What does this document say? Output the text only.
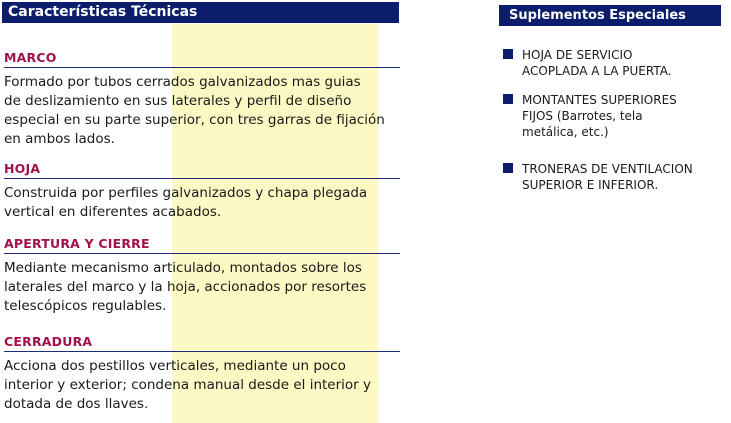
Características Técnicas
MARCO
Formado por tubos cerrados galvanizados mas guias
de deslizamiento en sus laterales y perfil de diseño
especial en su parte superior, con tres garras de fijación
en ambos lados.
HOJA
Construida por perfiles galvanizados y chapa plegada
vertical en diferentes acabados.
APERTURA Y CIERRE
Mediante mecanismo articulado, montados sobre los
laterales del marco y la hoja, accionados por resortes
telescópicos regulables.
CERRADURA
Acciona dos pestillos verticales, mediante un poco
interior y exterior; condena manual desde el interior y
dotada de dos llaves.
Suplementos Especiales
HOJA DE SERVICIO
ACOPLADA A LA PUERTA.
MONTANTES SUPERIORES
FIJOS (Barrotes, tela
metálica, etc.)
TRONERAS DE VENTILACION
SUPERIOR E INFERIOR.
